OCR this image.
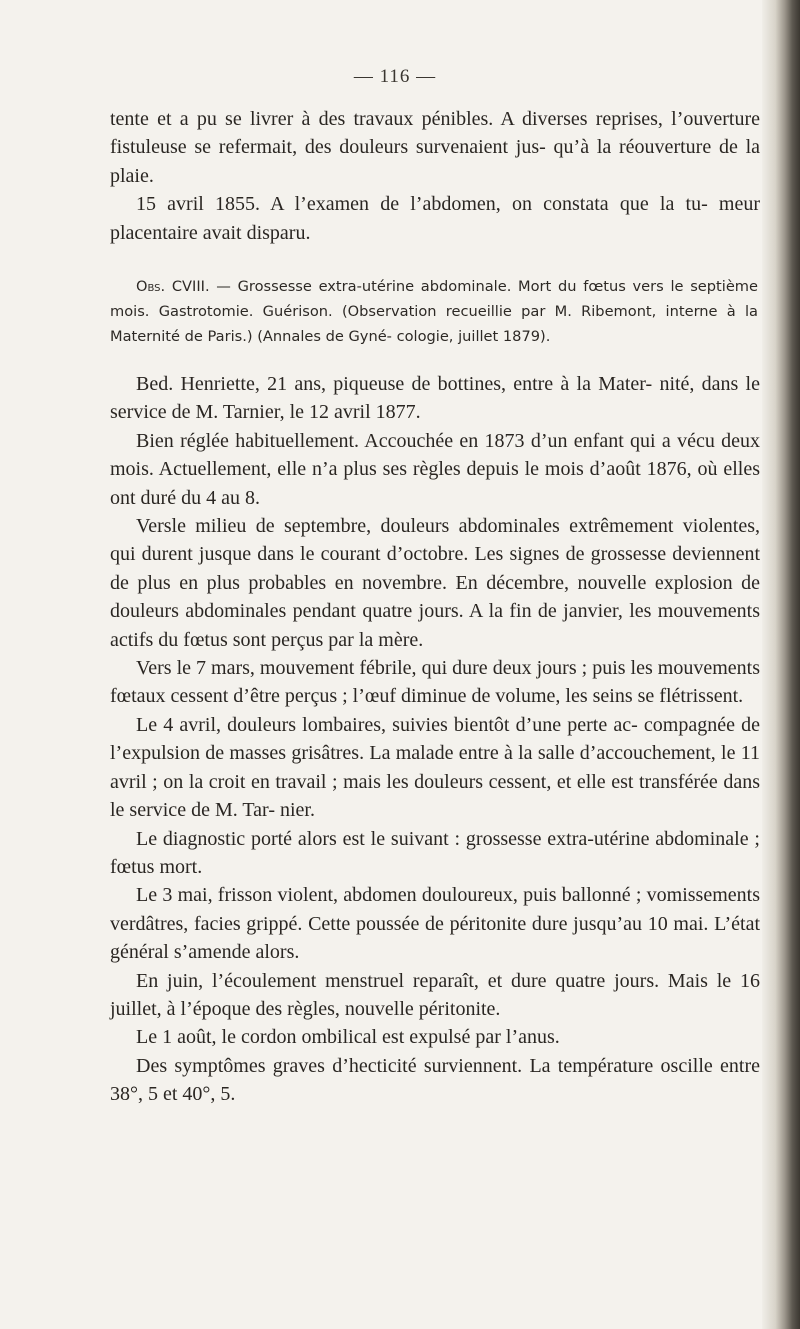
— 116 —

tente et a pu se livrer à des travaux pénibles. A diverses reprises, l’ouverture fistuleuse se refermait, des douleurs survenaient jus- qu’à la réouverture de la plaie.

15 avril 1855. A l’examen de l’abdomen, on constata que la tu- meur placentaire avait disparu.

Obs. CVIII. — Grossesse extra-utérine abdominale. Mort du fœtus vers le septième mois. Gastrotomie. Guérison. (Observation recueillie par M. Ribemont, interne à la Maternité de Paris.) (Annales de Gyné- cologie, juillet 1879).

Bed. Henriette, 21 ans, piqueuse de bottines, entre à la Mater- nité, dans le service de M. Tarnier, le 12 avril 1877.

Bien réglée habituellement. Accouchée en 1873 d’un enfant qui a vécu deux mois. Actuellement, elle n’a plus ses règles depuis le mois d’août 1876, où elles ont duré du 4 au 8.

Versle milieu de septembre, douleurs abdominales extrêmement violentes, qui durent jusque dans le courant d’octobre. Les signes de grossesse deviennent de plus en plus probables en novembre. En décembre, nouvelle explosion de douleurs abdominales pendant quatre jours. A la fin de janvier, les mouvements actifs du fœtus sont perçus par la mère.

Vers le 7 mars, mouvement fébrile, qui dure deux jours ; puis les mouvements fœtaux cessent d’être perçus ; l’œuf diminue de volume, les seins se flétrissent.

Le 4 avril, douleurs lombaires, suivies bientôt d’une perte ac- compagnée de l’expulsion de masses grisâtres. La malade entre à la salle d’accouchement, le 11 avril ; on la croit en travail ; mais les douleurs cessent, et elle est transférée dans le service de M. Tar- nier.

Le diagnostic porté alors est le suivant : grossesse extra-utérine abdominale ; fœtus mort.

Le 3 mai, frisson violent, abdomen douloureux, puis ballonné ; vomissements verdâtres, facies grippé. Cette poussée de péritonite dure jusqu’au 10 mai. L’état général s’amende alors.

En juin, l’écoulement menstruel reparaît, et dure quatre jours. Mais le 16 juillet, à l’époque des règles, nouvelle péritonite.

Le 1 août, le cordon ombilical est expulsé par l’anus.

Des symptômes graves d’hecticité surviennent. La température oscille entre 38°, 5 et 40°, 5.
